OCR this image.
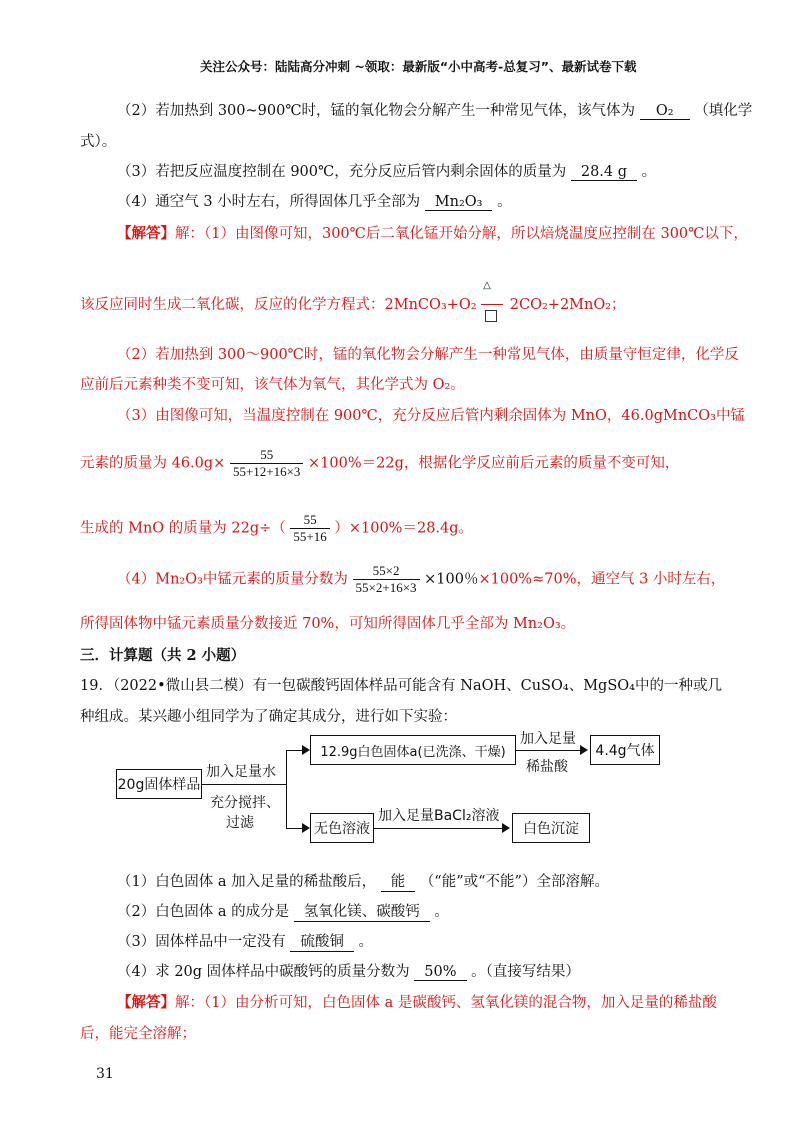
关注公众号：陆陆高分冲刺 ~领取：最新版“小中高考-总复习”、最新试卷下载
（2）若加热到 300~900℃时，锰的氧化物会分解产生一种常见气体，该气体为 O₂ （填化学
式）。
（3）若把反应温度控制在 900℃，充分反应后管内剩余固体的质量为 28.4 g 。
（4）通空气 3 小时左右，所得固体几乎全部为 Mn₂O₃ 。
【解答】解：（1）由图像可知，300℃后二氧化锰开始分解，所以焙烧温度应控制在 300℃以下，
该反应同时生成二氧化碳，反应的化学方程式：2MnCO₃+O₂
△
2CO₂+2MnO₂；
（2）若加热到 300～900℃时，锰的氧化物会分解产生一种常见气体，由质量守恒定律，化学反
应前后元素种类不变可知，该气体为氧气，其化学式为 O₂。
（3）由图像可知，当温度控制在 900℃，充分反应后管内剩余固体为 MnO，46.0gMnCO₃中锰
元素的质量为 $46.0g\times \frac{55}{55+12+16\times 3} \times 100\%=22g$，根据化学反应前后元素的质量不变可知，
生成的 MnO 的质量为 $22g\div( \frac{55}{55+16} )\times 100\%=28.4g$。
（4）Mn₂O₃中锰元素的质量分数为 $\frac{55\times 2}{55\times 2+16\times 3} \times 100$％×100%≈70%，通空气 3 小时左右，
所得固体物中锰元素质量分数接近 70%，可知所得固体几乎全部为 Mn₂O₃。
三．计算题（共 2 小题）
19．（2022•微山县二模）有一包碳酸钙固体样品可能含有 NaOH、CuSO₄、MgSO₄中的一种或几
种组成。某兴趣小组同学为了确定其成分，进行如下实验：
20g固体样品
加入足量水
充分搅拌、
过滤
12.9g白色固体a(已洗涤、干燥)
加入足量
稀盐酸
4.4g气体
无色溶液
加入足量BaCl₂溶液
白色沉淀
（1）白色固体 a 加入足量的稀盐酸后， 能 （“能”或“不能”）全部溶解。
（2）白色固体 a 的成分是 氢氧化镁、碳酸钙 。
（3）固体样品中一定没有 硫酸铜 。
（4）求 20g 固体样品中碳酸钙的质量分数为 50% 。（直接写结果）
【解答】解：（1）由分析可知，白色固体 a 是碳酸钙、氢氧化镁的混合物，加入足量的稀盐酸
后，能完全溶解；
31
